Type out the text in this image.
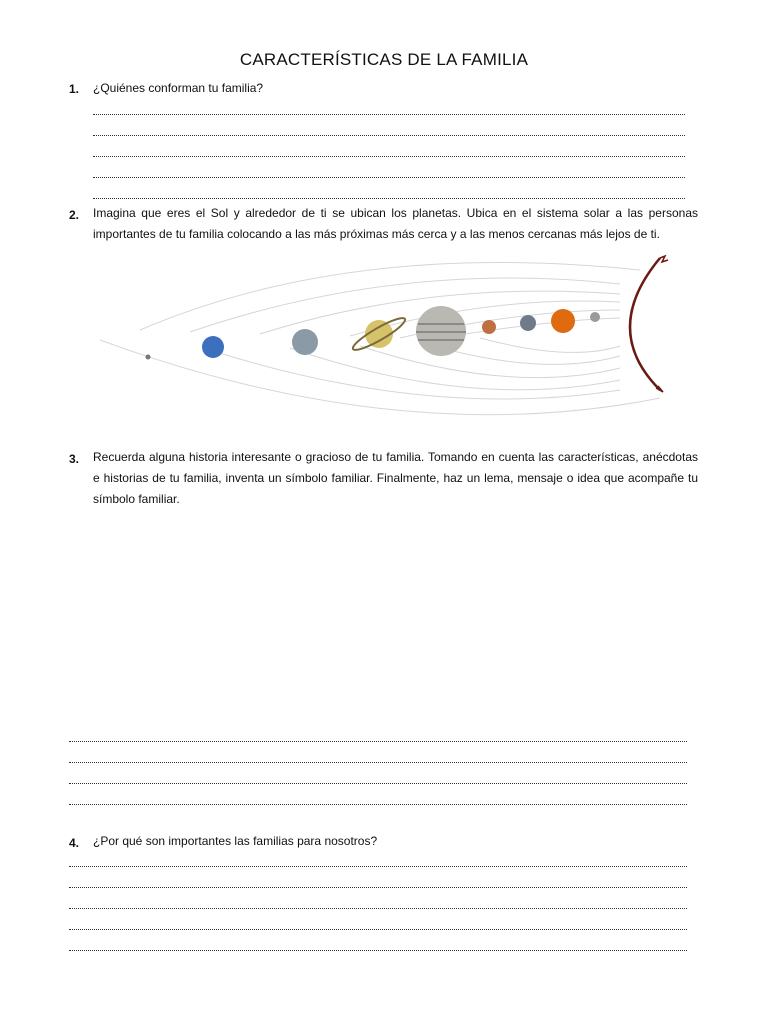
CARACTERÍSTICAS DE LA FAMILIA
1. ¿Quiénes conforman tu familia?
2. Imagina que eres el Sol y alrededor de ti se ubican los planetas. Ubica en el sistema solar a las personas importantes de tu familia colocando a las más próximas más cerca y a las menos cercanas más lejos de ti.
3. Recuerda alguna historia interesante o gracioso de tu familia. Tomando en cuenta las características, anécdotas e historias de tu familia, inventa un símbolo familiar. Finalmente, haz un lema, mensaje o idea que acompañe tu símbolo familiar.
4. ¿Por qué son importantes las familias para nosotros?
